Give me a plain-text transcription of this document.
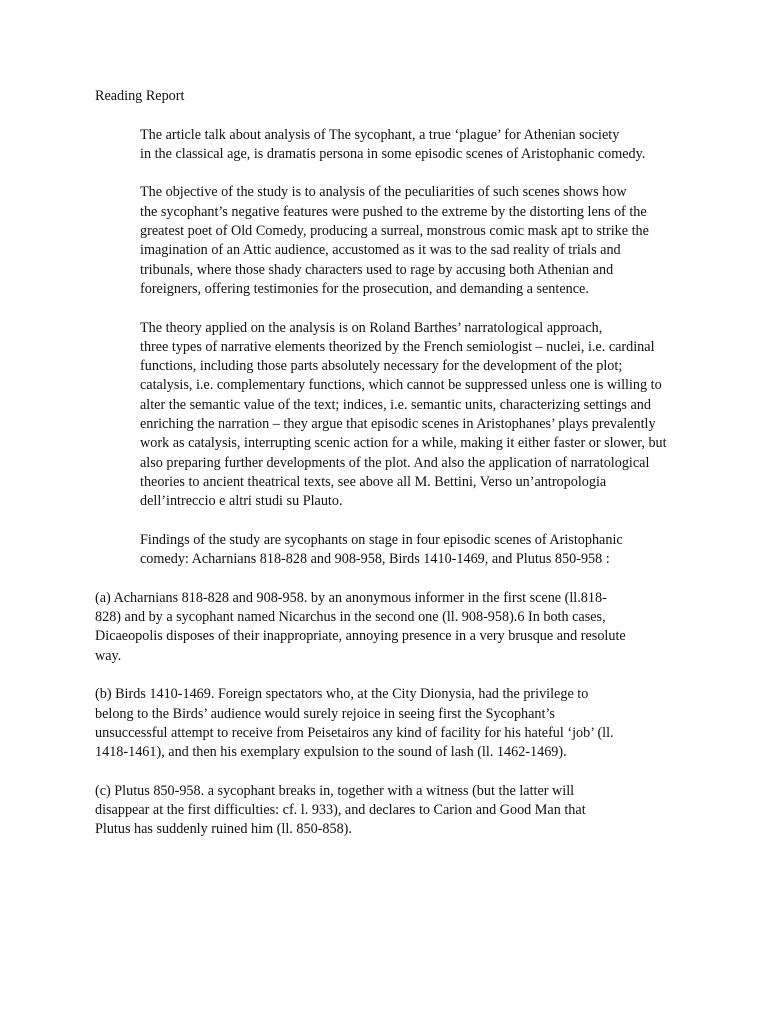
Reading Report

The article talk about analysis of The sycophant, a true ‘plague’ for Athenian society
in the classical age, is dramatis persona in some episodic scenes of Aristophanic comedy.

The objective of the study is to analysis of the peculiarities of such scenes shows how
the sycophant’s negative features were pushed to the extreme by the distorting lens of the
greatest poet of Old Comedy, producing a surreal, monstrous comic mask apt to strike the
imagination of an Attic audience, accustomed as it was to the sad reality of trials and
tribunals, where those shady characters used to rage by accusing both Athenian and
foreigners, offering testimonies for the prosecution, and demanding a sentence.

The theory applied on the analysis is on Roland Barthes’ narratological approach,
three types of narrative elements theorized by the French semiologist – nuclei, i.e. cardinal
functions, including those parts absolutely necessary for the development of the plot;
catalysis, i.e. complementary functions, which cannot be suppressed unless one is willing to
alter the semantic value of the text; indices, i.e. semantic units, characterizing settings and
enriching the narration – they argue that episodic scenes in Aristophanes’ plays prevalently
work as catalysis, interrupting scenic action for a while, making it either faster or slower, but
also preparing further developments of the plot. And also the application of narratological
theories to ancient theatrical texts, see above all M. Bettini, Verso un’antropologia
dell’intreccio e altri studi su Plauto.

Findings of the study are sycophants on stage in four episodic scenes of Aristophanic
comedy: Acharnians 818-828 and 908-958, Birds 1410-1469, and Plutus 850-958 :

(a) Acharnians 818-828 and 908-958. by an anonymous informer in the first scene (ll.818-
828) and by a sycophant named Nicarchus in the second one (ll. 908-958).6 In both cases,
Dicaeopolis disposes of their inappropriate, annoying presence in a very brusque and resolute
way.

(b) Birds 1410-1469. Foreign spectators who, at the City Dionysia, had the privilege to
belong to the Birds’ audience would surely rejoice in seeing first the Sycophant’s
unsuccessful attempt to receive from Peisetairos any kind of facility for his hateful ‘job’ (ll.
1418-1461), and then his exemplary expulsion to the sound of lash (ll. 1462-1469).

(c) Plutus 850-958. a sycophant breaks in, together with a witness (but the latter will
disappear at the first difficulties: cf. l. 933), and declares to Carion and Good Man that
Plutus has suddenly ruined him (ll. 850-858).
